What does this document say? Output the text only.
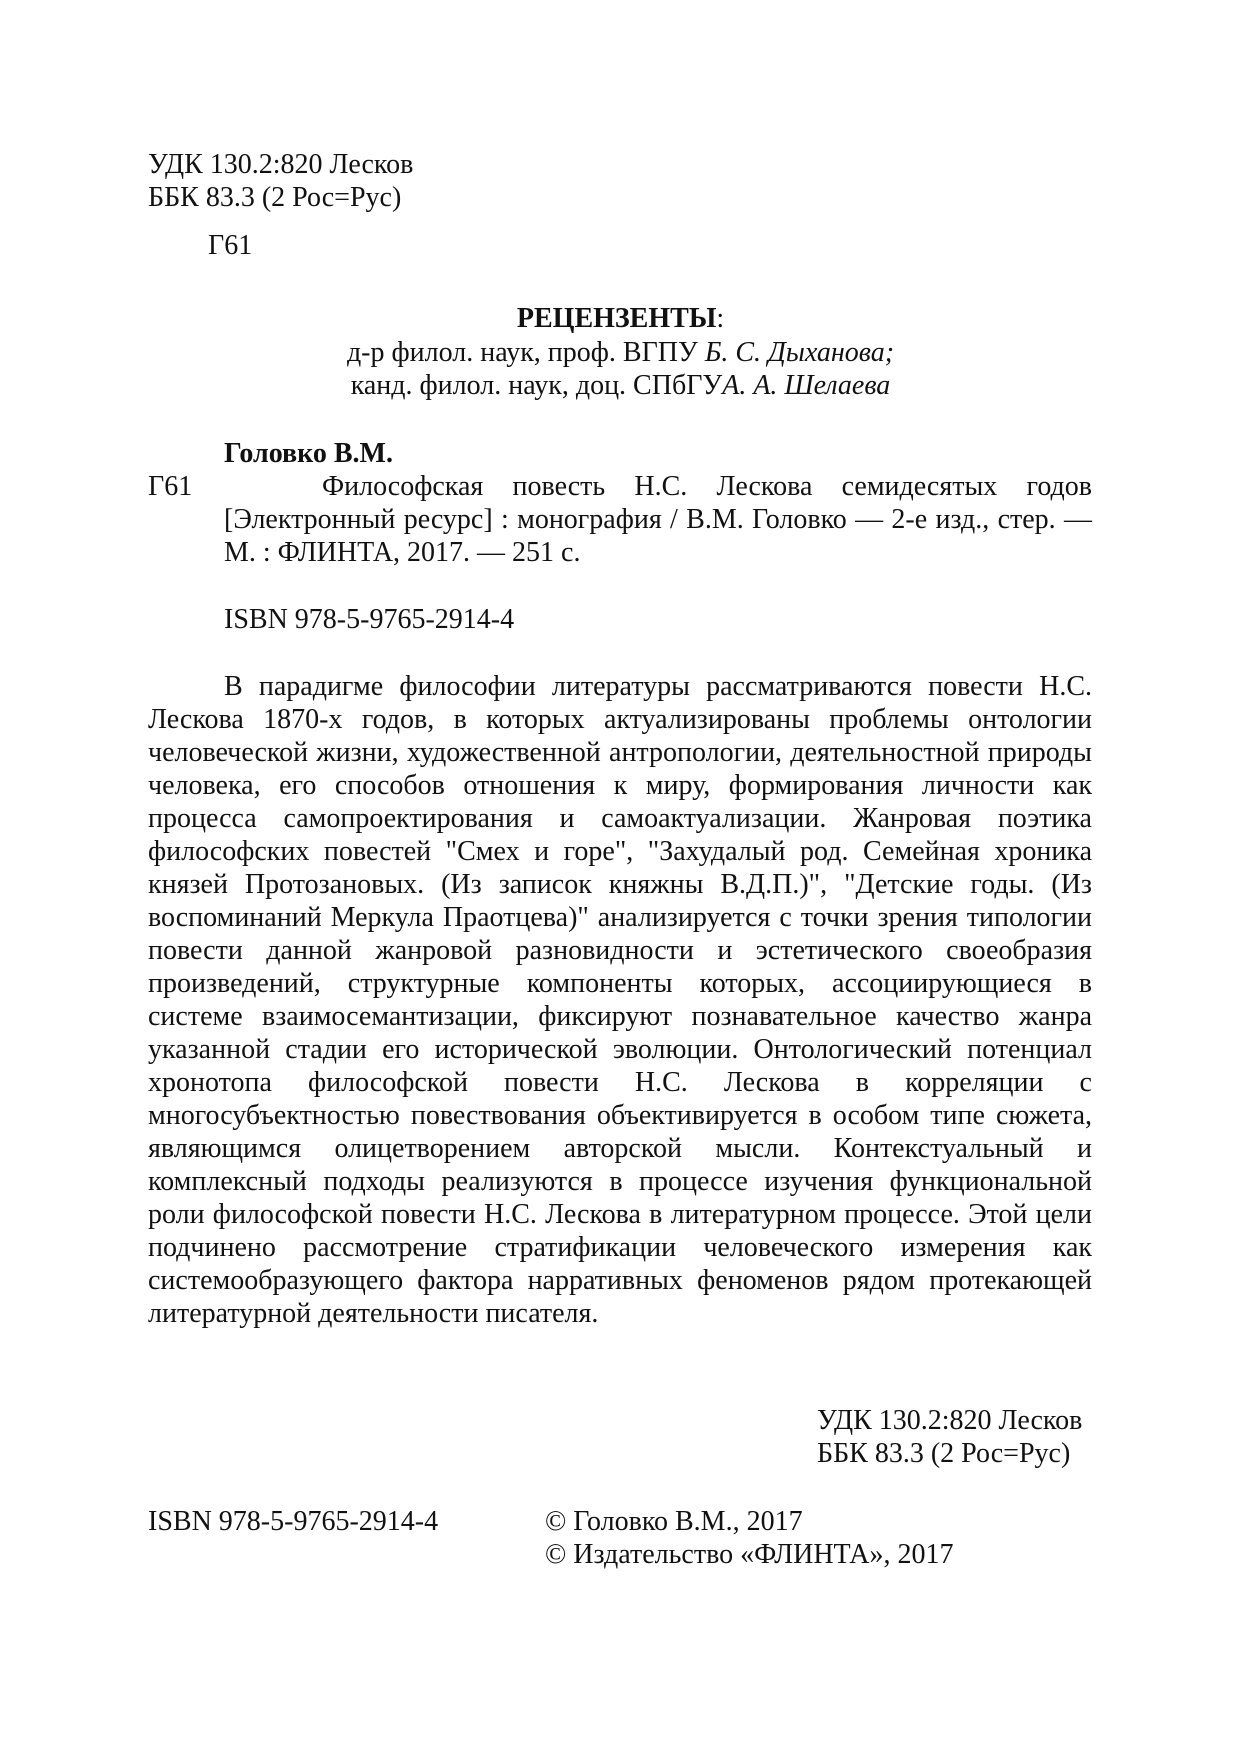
УДК 130.2:820 Лесков
ББК 83.3 (2 Рос=Рус)
Г61
РЕЦЕНЗЕНТЫ:
д-р филол. наук, проф. ВГПУ Б. С. Дыханова;
канд. филол. наук, доц. СПбГУА. А. Шелаева
Головко В.М.
Г61	Философская повесть Н.С. Лескова семидесятых годов [Электронный ресурс] : монография / В.М. Головко — 2-е изд., стер. — М. : ФЛИНТА, 2017. — 251 с.
ISBN 978-5-9765-2914-4
В парадигме философии литературы рассматриваются повести Н.С. Лескова 1870-х годов, в которых актуализированы проблемы онтологии человеческой жизни, художественной антропологии, деятельностной природы человека, его способов отношения к миру, формирования личности как процесса самопроектирования и самоактуализации. Жанровая поэтика философских повестей "Смех и горе", "Захудалый род. Семейная хроника князей Протозановых. (Из записок княжны В.Д.П.)", "Детские годы. (Из воспоминаний Меркула Праотцева)" анализируется с точки зрения типологии повести данной жанровой разновидности и эстетического своеобразия произведений, структурные компоненты которых, ассоциирующиеся в системе взаимосемантизации, фиксируют познавательное качество жанра указанной стадии его исторической эволюции. Онтологический потенциал хронотопа философской повести Н.С. Лескова в корреляции с многосубъектностью повествования объективируется в особом типе сюжета, являющимся олицетворением авторской мысли. Контекстуальный и комплексный подходы реализуются в процессе изучения функциональной роли философской повести Н.С. Лескова в литературном процессе. Этой цели подчинено рассмотрение стратификации человеческого измерения как системообразующего фактора нарративных феноменов рядом протекающей литературной деятельности писателя.
УДК 130.2:820 Лесков
ББК 83.3 (2 Рос=Рус)
ISBN 978-5-9765-2914-4	© Головко В.М., 2017
© Издательство «ФЛИНТА», 2017
